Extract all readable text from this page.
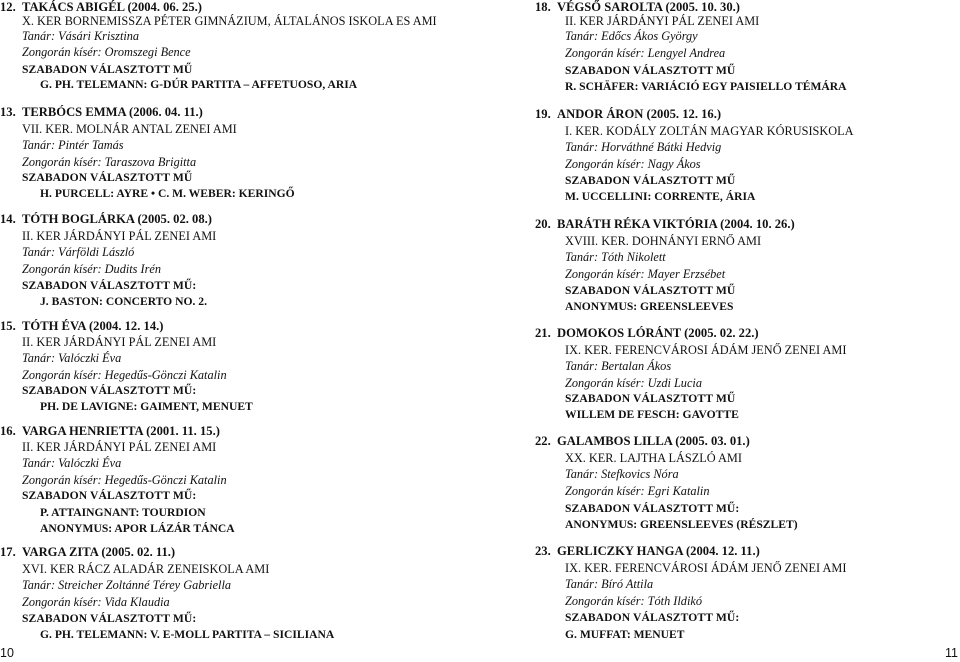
12. TAKÁCS ABIGÉL (2004. 06. 25.)
X. KER BORNEMISSZA PÉTER GIMNÁZIUM, ÁLTALÁNOS ISKOLA ES AMI
Tanár: Vásári Krisztina
Zongorán kísér: Oromszegi Bence
SZABADON VÁLASZTOTT MŰ
G. PH. TELEMANN: G-DÚR PARTITA – AFFETUOSO, ARIA
13. TERBÓCS EMMA (2006. 04. 11.)
VII. KER. MOLNÁR ANTAL ZENEI AMI
Tanár: Pintér Tamás
Zongorán kísér: Taraszova Brigitta
SZABADON VÁLASZTOTT MŰ
H. PURCELL: AYRE • C. M. WEBER: KERINGŐ
14. TÓTH BOGLÁRKA (2005. 02. 08.)
II. KER JÁRDÁNYI PÁL ZENEI AMI
Tanár: Várföldi László
Zongorán kísér: Dudits Irén
SZABADON VÁLASZTOTT MŰ:
J. BASTON: CONCERTO NO. 2.
15. TÓTH ÉVA (2004. 12. 14.)
II. KER JÁRDÁNYI PÁL ZENEI AMI
Tanár: Valóczki Éva
Zongorán kísér: Hegedűs-Gönczi Katalin
SZABADON VÁLASZTOTT MŰ:
PH. DE LAVIGNE: GAIMENT, MENUET
16. VARGA HENRIETTA (2001. 11. 15.)
II. KER JÁRDÁNYI PÁL ZENEI AMI
Tanár: Valóczki Éva
Zongorán kísér: Hegedűs-Gönczi Katalin
SZABADON VÁLASZTOTT MŰ:
P. ATTAINGNANT: TOURDION
ANONYMUS: APOR LÁZÁR TÁNCA
17. VARGA ZITA (2005. 02. 11.)
XVI. KER RÁCZ ALADÁR ZENEISKOLA AMI
Tanár: Streicher Zoltánné Térey Gabriella
Zongorán kísér: Vida Klaudia
SZABADON VÁLASZTOTT MŰ:
G. PH. TELEMANN: V. E-MOLL PARTITA – SICILIANA
18. VÉGSŐ SAROLTA (2005. 10. 30.)
II. KER JÁRDÁNYI PÁL ZENEI AMI
Tanár: Edőcs Ákos György
Zongorán kísér: Lengyel Andrea
SZABADON VÁLASZTOTT MŰ
R. SCHÄFER: VARIÁCIÓ EGY PAISIELLO TÉMÁRA
19. ANDOR ÁRON (2005. 12. 16.)
I. KER. KODÁLY ZOLTÁN MAGYAR KÓRUSISKOLA
Tanár: Horváthné Bátki Hedvig
Zongorán kísér: Nagy Ákos
SZABADON VÁLASZTOTT MŰ
M. UCCELLINI: CORRENTE, ÁRIA
20. BARÁTH RÉKA VIKTÓRIA (2004. 10. 26.)
XVIII. KER. DOHNÁNYI ERNŐ AMI
Tanár: Tóth Nikolett
Zongorán kísér: Mayer Erzsébet
SZABADON VÁLASZTOTT MŰ
ANONYMUS: GREENSLEEVES
21. DOMOKOS LÓRÁNT (2005. 02. 22.)
IX. KER. FERENCVÁROSI ÁDÁM JENŐ ZENEI AMI
Tanár: Bertalan Ákos
Zongorán kísér: Uzdi Lucia
SZABADON VÁLASZTOTT MŰ
WILLEM DE FESCH: GAVOTTE
22. GALAMBOS LILLA (2005. 03. 01.)
XX. KER. LAJTHA LÁSZLÓ AMI
Tanár: Stefkovics Nóra
Zongorán kísér: Egri Katalin
SZABADON VÁLASZTOTT MŰ:
ANONYMUS: GREENSLEEVES (RÉSZLET)
23. GERLICZKY HANGA (2004. 12. 11.)
IX. KER. FERENCVÁROSI ÁDÁM JENŐ ZENEI AMI
Tanár: Bíró Attila
Zongorán kísér: Tóth Ildikó
SZABADON VÁLASZTOTT MŰ:
G. MUFFAT: MENUET
10	11
